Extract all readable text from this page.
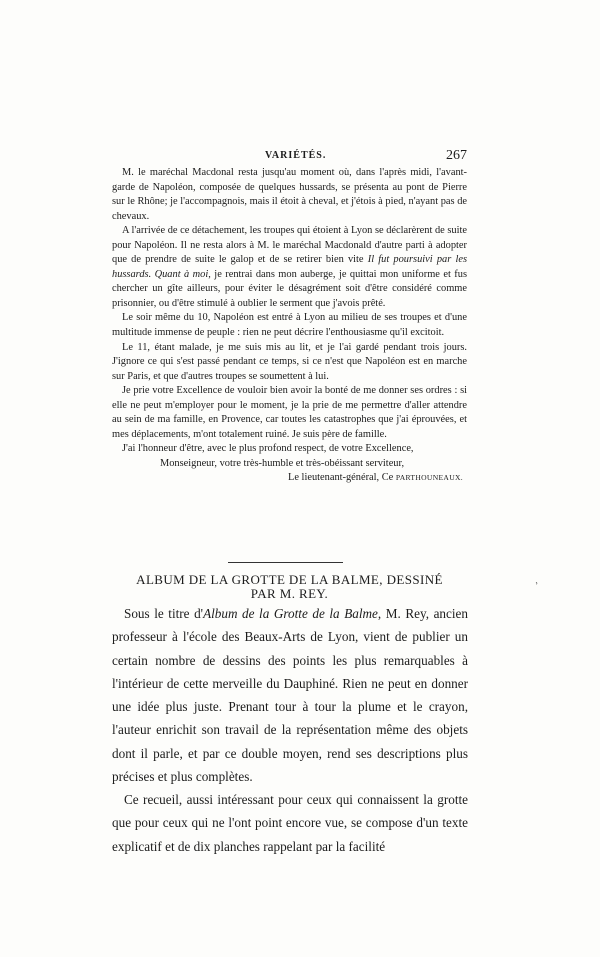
VARIÉTÉS.	267

M. le maréchal Macdonal resta jusqu'au moment où, dans l'après midi, l'avant-garde de Napoléon, composée de quelques hussards, se présenta au pont de Pierre sur le Rhône; je l'accompagnois, mais il étoit à cheval, et j'étois à pied, n'ayant pas de chevaux.

A l'arrivée de ce détachement, les troupes qui étoient à Lyon se déclarèrent de suite pour Napoléon. Il ne resta alors à M. le maréchal Macdonald d'autre parti à adopter que de prendre de suite le galop et de se retirer bien vite Il fut poursuivi par les hussards. Quant à moi, je rentrai dans mon auberge, je quittai mon uniforme et fus chercher un gîte ailleurs, pour éviter le désagrément soit d'être considéré comme prisonnier, ou d'être stimulé à oublier le serment que j'avois prêté.

Le soir même du 10, Napoléon est entré à Lyon au milieu de ses troupes et d'une multitude immense de peuple : rien ne peut décrire l'enthousiasme qu'il excitoit.

Le 11, étant malade, je me suis mis au lit, et je l'ai gardé pendant trois jours. J'ignore ce qui s'est passé pendant ce temps, si ce n'est que Napoléon est en marche sur Paris, et que d'autres troupes se soumettent à lui.

Je prie votre Excellence de vouloir bien avoir la bonté de me donner ses ordres : si elle ne peut m'employer pour le moment, je la prie de me permettre d'aller attendre au sein de ma famille, en Provence, car toutes les catastrophes que j'ai éprouvées, et mes déplacements, m'ont totalement ruiné. Je suis père de famille.

J'ai l'honneur d'être, avec le plus profond respect, de votre Excellence,

Monseigneur, votre très-humble et très-obéissant serviteur,

Le lieutenant-général, Ce PARTHOUNEAUX.

ALBUM DE LA GROTTE DE LA BALME, DESSINÉ
PAR M. REY.

Sous le titre d'Album de la Grotte de la Balme, M. Rey, ancien professeur à l'école des Beaux-Arts de Lyon, vient de publier un certain nombre de dessins des points les plus remarquables à l'intérieur de cette merveille du Dauphiné. Rien ne peut en donner une idée plus juste. Prenant tour à tour la plume et le crayon, l'auteur enrichit son travail de la représentation même des objets dont il parle, et par ce double moyen, rend ses descriptions plus précises et plus complètes.

Ce recueil, aussi intéressant pour ceux qui connaissent la grotte que pour ceux qui ne l'ont point encore vue, se compose d'un texte explicatif et de dix planches rappelant par la facilité

’
